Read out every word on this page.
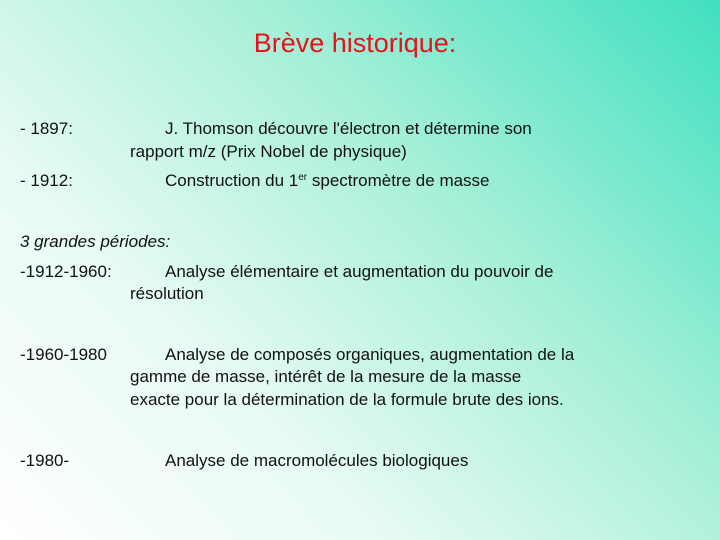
Brève historique:
- 1897:	J. Thomson découvre l'électron et détermine son
rapport m/z (Prix Nobel de physique)
- 1912:	Construction du 1er spectromètre de masse
3 grandes périodes:
-1912-1960:	Analyse élémentaire et augmentation du pouvoir de
résolution
-1960-1980	Analyse de composés organiques, augmentation de la
gamme de masse, intérêt de la mesure de la masse
exacte pour la détermination de la formule brute des ions.
-1980-	Analyse de macromolécules biologiques
